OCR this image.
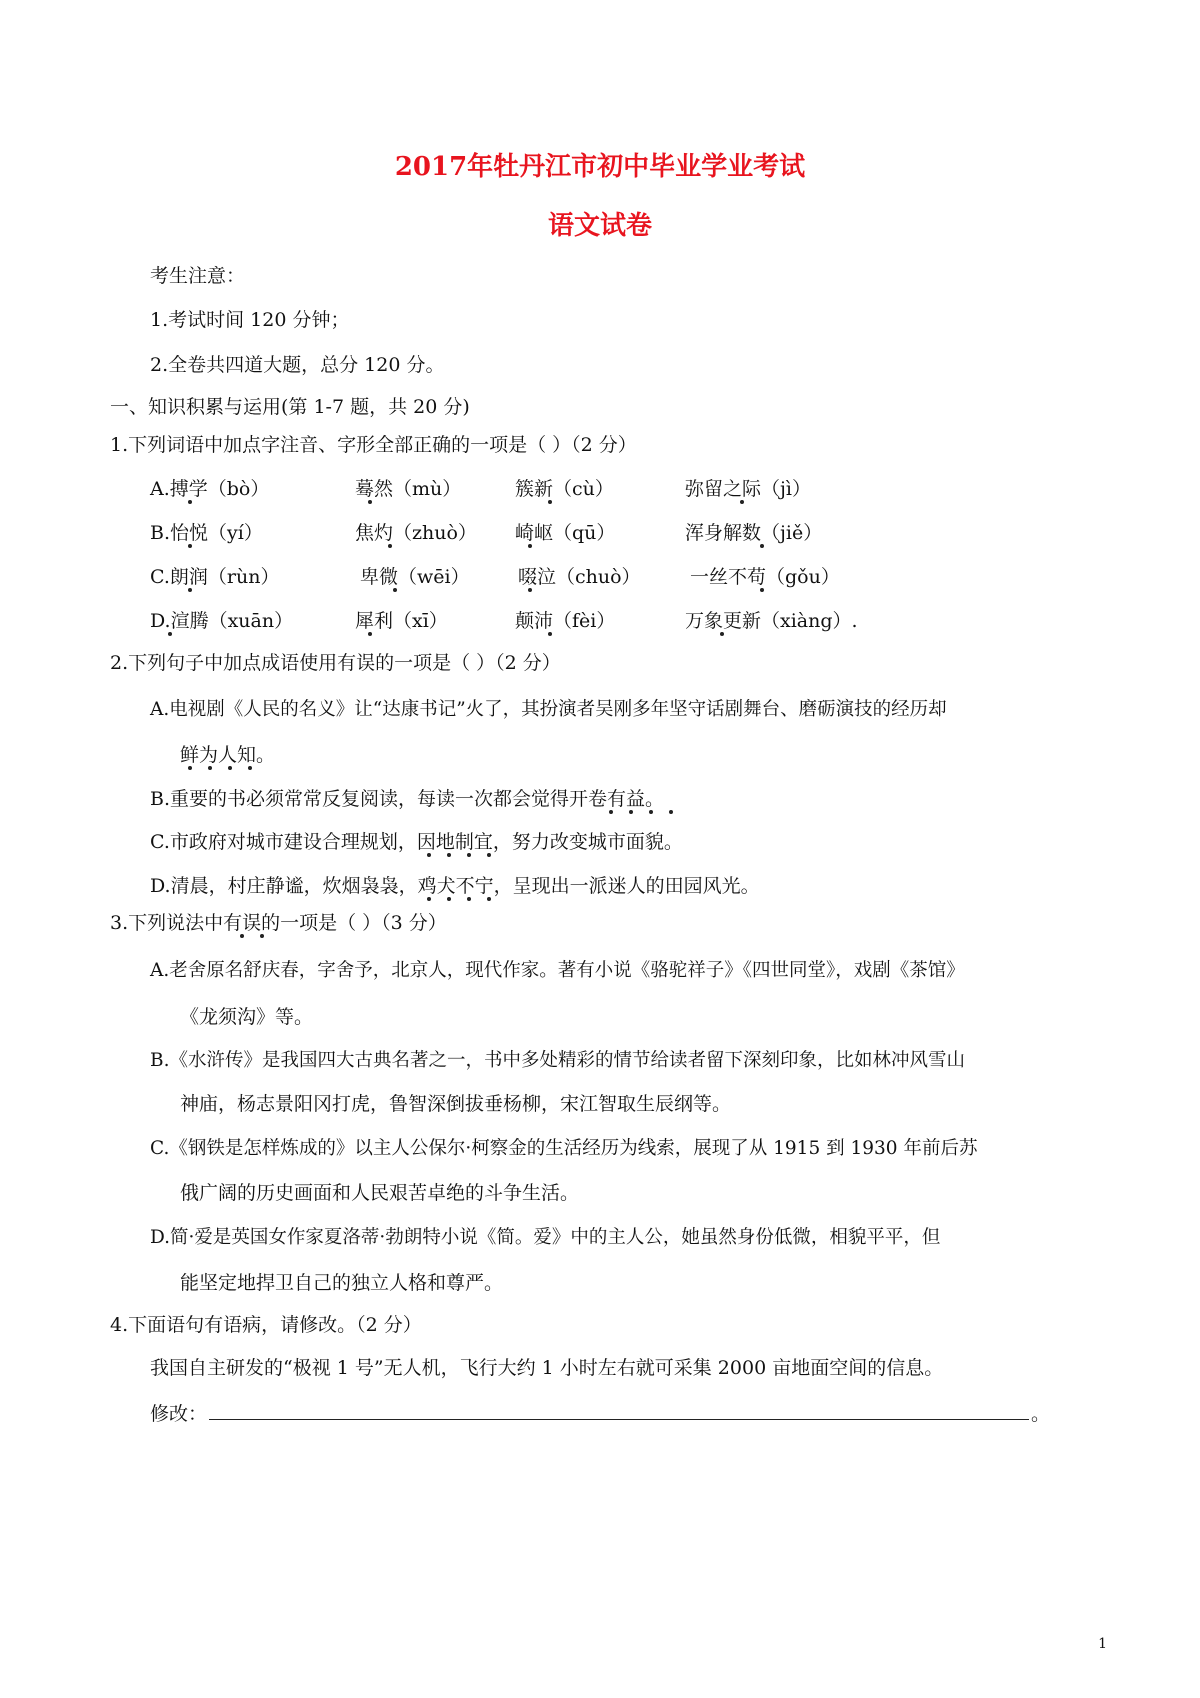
2017年牡丹江市初中毕业学业考试
语文试卷
考生注意：
1.考试时间 120 分钟；
2.全卷共四道大题，总分 120 分。
一、知识积累与运用(第 1-7 题，共 20 分)
1.下列词语中加点字注音、字形全部正确的一项是（ ）（2 分）
A.搏学（bò）	蓦然（mù）	簇新（cù）	弥留之际（jì）
B.怡悦（yí）	焦灼（zhuò） 崎岖（qū）	浑身解数（jiě）
C.朗润（rùn）	卑微（wēi）	啜泣（chuò）	一丝不苟（gǒu）
D.渲腾（xuān）	犀利（xī）	颠沛（fèi）	万象更新（xiàng）.
2.下列句子中加点成语使用有误的一项是（ ）（2 分）
A.电视剧《人民的名义》让“达康书记”火了，其扮演者吴刚多年坚守话剧舞台、磨砺演技的经历却
鲜为人知。
B.重要的书必须常常反复阅读，每读一次都会觉得开卷有益。
C.市政府对城市建设合理规划，因地制宜，努力改变城市面貌。
D.清晨，村庄静谧，炊烟袅袅，鸡犬不宁，呈现出一派迷人的田园风光。
3.下列说法中有误的一项是（ ）（3 分）
A.老舍原名舒庆春，字舍予，北京人，现代作家。著有小说《骆驼祥子》《四世同堂》，戏剧《茶馆》
《龙须沟》等。
B.《水浒传》是我国四大古典名著之一，书中多处精彩的情节给读者留下深刻印象，比如林冲风雪山
神庙，杨志景阳冈打虎，鲁智深倒拔垂杨柳，宋江智取生辰纲等。
C.《钢铁是怎样炼成的》以主人公保尔·柯察金的生活经历为线索，展现了从 1915 到 1930 年前后苏
俄广阔的历史画面和人民艰苦卓绝的斗争生活。
D.简·爱是英国女作家夏洛蒂·勃朗特小说《简。爱》中的主人公，她虽然身份低微，相貌平平，但
能坚定地捍卫自己的独立人格和尊严。
4.下面语句有语病，请修改。（2 分）
我国自主研发的“极视 1 号”无人机，飞行大约 1 小时左右就可采集 2000 亩地面空间的信息。
修改：	。
1
